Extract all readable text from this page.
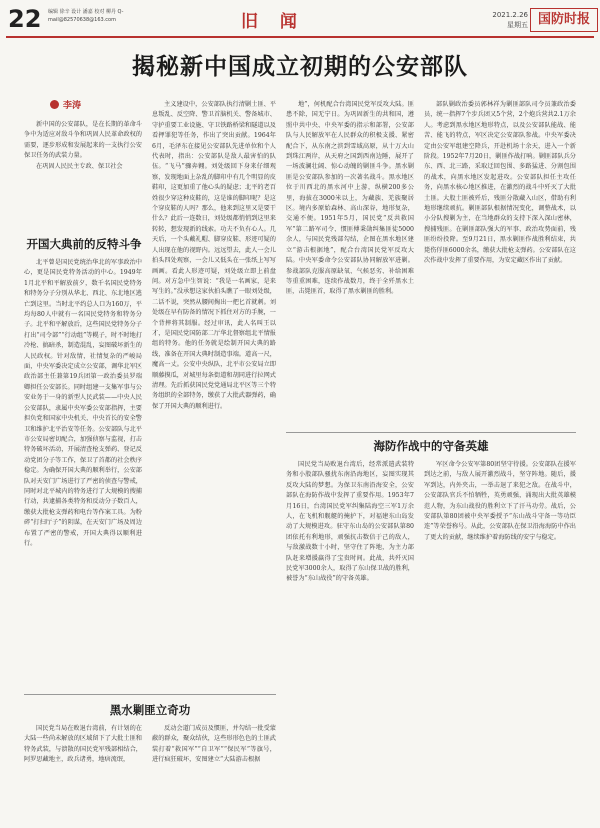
22 编辑 徐辛 设计 潘嘉 校对 柳丹 Q-mail@82570638@163.com	旧 闻	2021.2.26
星期五 国防时报
揭秘新中国成立初期的公安部队
李涛

新中国的公安部队，是在长期的革命斗争中为适应对敌斗争和巩固人民革命政权的需要，逐步形成和发展起来的一支执行公安保卫任务的武装力量。

在巩固人民民主专政、保卫社会

开国大典前的反特斗争

北平曾是国民党统治华北的军事政治中心，更是国民党特务活动的中心。1949年1月北平和平解放前夕，数千名国民党特务和特务分子分别从华北、西北、东北地区逃亡到这里。当时北平约总人口为160万，平均每80人中就有一名国民党特务和特务分子。北平和平解放后，这些国民党特务分子打出“司令部”“行动组”等幌子，时不时地打冷枪、搞暗杀，制造混乱，妄图破坏新生的人民政权。针对敌情，社情复杂的严峻局面，中央军委决定成立公安部，调华北军区政治部主任兼第19兵团第一政治委员罗瑞卿担任公安部长。同时组建一支集军事与公安业务于一身的新型人民武装——中央人民公安部队，隶属中央军委公安部指挥，主要担负党和国家中央机关、中央首长的安全警卫和维护北平治安等任务。公安部队与北平市公安局密切配合，加强侦察与监视，打击特务破坏活动，开展清查枪支弹药、登记反动党团分子等工作，保卫了首都的社会秩序稳定。为确保开国大典的顺利举行，公安部队对天安门广场进行了严密的侦查与警戒，同时对北平城内的特务进行了大规模的搜捕行动，共逮捕各类特务和反动分子数百人，缴获大批枪支弹药和电台等作案工具。为粉碎“打扫厅子”的阴谋，在天安门广场及周边布置了严密的警戒，开国大典得以顺利进行。

主义建设中，公安部队执行清剿土匪、平息叛乱、反空降、警卫首脑机关、警备城市、守护重要工业设施、守卫铁路桥梁和隧道以及看押罪犯等任务，作出了突出贡献。1964年6月，毛泽东在接见公安部队先进单位和个人代表时，指出：公安部队是敌人最害怕的队伍。“飞马”骤奔翱。刘处级回下身来仔细观察，发现地面上杂乱的脚印中有几个明显的皮鞋印，这更加重了他心头的疑虑；北平的老百姓很少穿这种皮鞋的，这是谁的脚印呢？是这个穿皮鞋的人吗？那么，他来到这里又是要干什么？此后一连数日，刘处级都悄悄到这里来转转，想发现新的线索。功夫不负有心人。几天后，一个头戴礼帽、脚穿皮鞋、形迹可疑的人出现在他的视野内。远远望去，此人一会儿拍头四处观察，一会儿又低头在一张纸上写写画画。看此人形迹可疑，刘处级立即上前盘问。对方急中生智说：“我是一名画家，是来写生的。”没承想这家伙拍头瞧了一眼刘处级，二话不说，突然从腰间掏出一把匕首就刺。刘处级在早有防备的情况下抓住对方的手腕，一个背摔将其制服。经过审讯，此人名叫王以才，是国民党国防部二厅华北督察组北平情报组的特务。他的任务就是绘制开国大典的路线，准备在开国大典时制造事端。道高一尺，魔高一丈。公安中央纵队，北平市公安局立即顺藤摸瓜，对城里每条街道和胡同进行拉网式清理。先后抓获国民党党通局北平区等三个特务组织的全部特务，缴获了大批武器弹药，确保了开国大典的顺利进行。

地”，何机配合台湾国民党军反攻大陆。匪患不除，国无宁日。为巩固新生的共和国，遵照中共中央、中央军委的指示和部署，公安部队与人民解放军在人民群众的积极支援、紧密配合下，从东南之滨到雪域高原，从十万大山到珠江两岸，从天府之国到西南边陲，展开了一场波澜壮阔、惊心动魄的剿匪斗争。黑水剿匪是公安部队参加的一次著名战斗。黑水地区位于川西北的黑水河中上游，纵横200多公里，海拔在3000米以上，为藏族、羌族聚居区。境内多原始森林、高山深谷，地形复杂，交通不便。1951年5月，国民党“反共救国军”第二路军司令、惯匪傅秉勋纠集匪徒5000余人，与国民党残部勾结，企图在黑水地区建立“游击根据地”，配合台湾国民党军反攻大陆。中央军委命令公安部队协同解放军进剿。参战部队克服高原缺氧、气候恶劣、补给困难等重重困难，连续作战数月，终于全歼黑水土匪，击毙匪首，取得了黑水剿匪的胜利。

部队剿政治委员郭林祥为剿匪部队司令员兼政治委员，统一指挥7个步兵团又5个营，2个炮兵营共2.1万余人。考虑到黑水地区地形特点，以及公安部队能战、能苦、能飞的特点，军区决定公安部队参战。中央军委决定由公安军组建空降兵，开赴机场十余天，进入一个新阶段。1952年7月20日，剿匪作战打响。剿匪部队兵分东、西、北三路，采取迂回包围、多路猛进、分割包围的战术，向黑水地区发起进攻。公安部队担任主攻任务，向黑水核心地区推进，在激烈的战斗中歼灭了大批土匪。大股土匪被歼后，残匪分散藏入山区，借助有利地形继续顽抗。剿匪部队根据情况变化，调整战术，以小分队搜剿为主，在当地群众的支持下深入深山密林，搜捕残匪。在剿匪部队强大的军事、政治攻势面前，残匪纷纷投降。至9月21日，黑水剿匪作战胜利结束，共毙伤俘匪6000余名，缴获大批枪支弹药。公安部队在这次作战中发挥了重要作用，为安定藏区作出了贡献。

海防作战中的守备英雄

国民党当局败退台湾后，经常派遣武装特务和小股部队骚扰东南沿海地区，妄图实现其反攻大陆的梦想。为保卫东南沿海安全，公安部队在海防作战中发挥了重要作用。1953年7月16日，台湾国民党军纠集陆海空三军1万余人，在飞机和舰艇的掩护下，对福建东山岛发动了大规模进攻。驻守东山岛的公安部队第80团依托有利地形，顽强抗击数倍于己的敌人，与敌激战数十小时，坚守住了阵地，为主力部队赶来增援赢得了宝贵时间。此战，共歼灭国民党军3000余人，取得了东山保卫战的胜利，被誉为“东山战役”的守备英雄。

军区命令公安军第80团坚守待援。公安部队在援军到达之前，与敌人展开激烈战斗，坚守阵地。随后，援军到达，内外夹击，一举击退了来犯之敌。在战斗中，公安部队官兵不怕牺牲，英勇顽强，涌现出大批英雄模范人物，为东山战役的胜利立下了汗马功劳。战后，公安部队第80团被中央军委授予“东山战斗守备一等功臣连”等荣誉称号。从此，公安部队在保卫沿海海防中作出了更大的贡献，继续维护着海防线的安宁与稳定。

黑水剿匪立奇功

国民党当局在败退台湾前，有计划的在大陆一些尚未解放的区域留下了大批土匪和特务武装，与溃散的国民党军残部相结合，阿罗思藏地主，政兵诸勇，地痞流氓，

反动会道门成员及惯匪，并勾结一批受蒙蔽的群众，聚众结伙，这些形形色色的土匪武装打着“救国军”“自卫军”“保民军”等旗号，进行疯狂破坏，安图建立“大陆游击根据
